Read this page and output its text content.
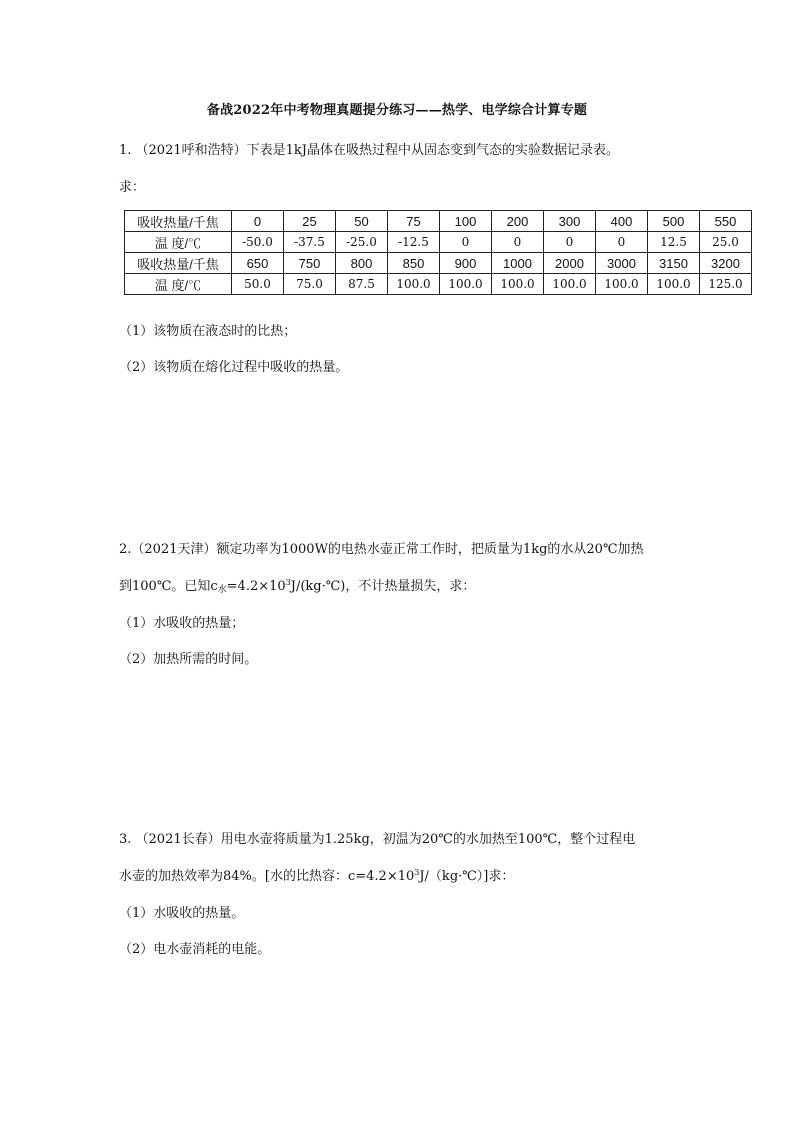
备战2022年中考物理真题提分练习——热学、电学综合计算专题
1. （2021呼和浩特）下表是1kJ晶体在吸热过程中从固态变到气态的实验数据记录表。
求：
吸收热量/千焦	0	25	50	75	100	200	300	400	500	550
温 度/℃	-50.0	-37.5	-25.0	-12.5	0	0	0	0	12.5	25.0
吸收热量/千焦	650	750	800	850	900	1000	2000	3000	3150	3200
温 度/℃	50.0	75.0	87.5	100.0	100.0	100.0	100.0	100.0	100.0	125.0
（1）该物质在液态时的比热；
（2）该物质在熔化过程中吸收的热量。
2.（2021天津）额定功率为1000W的电热水壶正常工作时，把质量为1kg的水从20℃加热
到100℃。已知$c_水=4.2\times 10^3J/(kg\cdot℃)$，不计热量损失，求：
（1）水吸收的热量；
（2）加热所需的时间。
3. （2021长春）用电水壶将质量为1.25kg，初温为20℃的水加热至100℃，整个过程电
水壶的加热效率为84%。[水的比热容：$c=4.2\times 10^3J/(kg\cdot℃)$]求：
（1）水吸收的热量。
（2）电水壶消耗的电能。
